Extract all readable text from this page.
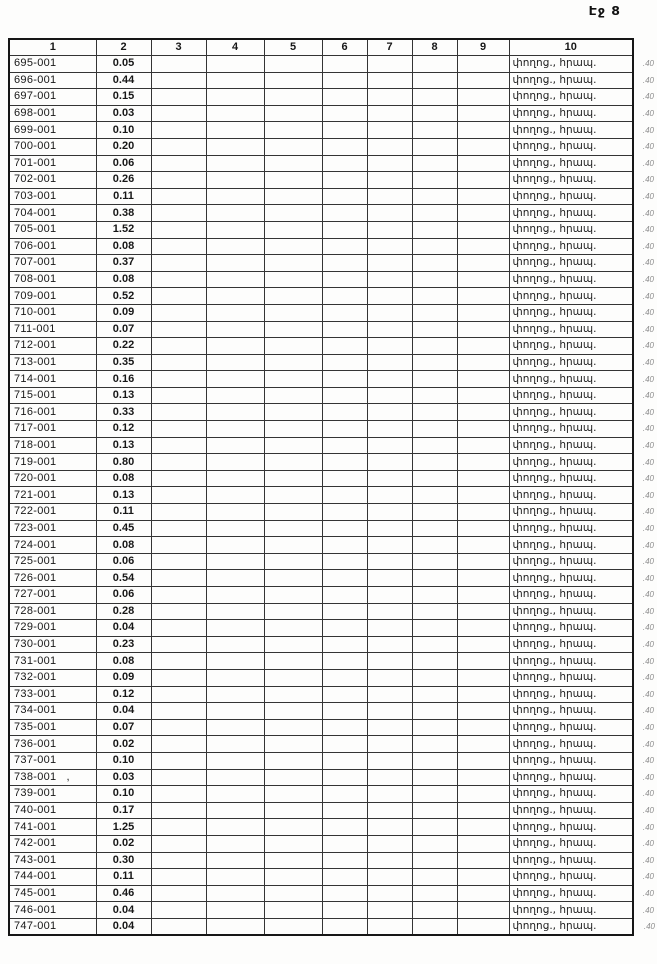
Էջ 8
1	2	3	4	5	6	7	8	9	10	
695-001	0.05								փողոց., հրապ.	.40
696-001	0.44								փողոց., հրապ.	.40
697-001	0.15								փողոց., հրապ.	.40
698-001	0.03								փողոց., հրապ.	.40
699-001	0.10								փողոց., հրապ.	.40
700-001	0.20								փողոց., հրապ.	.40
701-001	0.06								փողոց., հրապ.	.40
702-001	0.26								փողոց., հրապ.	.40
703-001	0.11								փողոց., հրապ.	.40
704-001	0.38								փողոց., հրապ.	.40
705-001	1.52								փողոց., հրապ.	.40
706-001	0.08								փողոց., հրապ.	.40
707-001	0.37								փողոց., հրապ.	.40
708-001	0.08								փողոց., հրապ.	.40
709-001	0.52								փողոց., հրապ.	.40
710-001	0.09								փողոց., հրապ.	.40
711-001	0.07								փողոց., հրապ.	.40
712-001	0.22								փողոց., հրապ.	.40
713-001	0.35								փողոց., հրապ.	.40
714-001	0.16								փողոց., հրապ.	.40
715-001	0.13								փողոց., հրապ.	.40
716-001	0.33								փողոց., հրապ.	.40
717-001	0.12								փողոց., հրապ.	.40
718-001	0.13								փողոց., հրապ.	.40
719-001	0.80								փողոց., հրապ.	.40
720-001	0.08								փողոց., հրապ.	.40
721-001	0.13								փողոց., հրապ.	.40
722-001	0.11								փողոց., հրապ.	.40
723-001	0.45								փողոց., հրապ.	.40
724-001	0.08								փողոց., հրապ.	.40
725-001	0.06								փողոց., հրապ.	.40
726-001	0.54								փողոց., հրապ.	.40
727-001	0.06								փողոց., հրապ.	.40
728-001	0.28								փողոց., հրապ.	.40
729-001	0.04								փողոց., հրապ.	.40
730-001	0.23								փողոց., հրապ.	.40
731-001	0.08								փողոց., հրապ.	.40
732-001	0.09								փողոց., հրապ.	.40
733-001	0.12								փողոց., հրապ.	.40
734-001	0.04								փողոց., հրապ.	.40
735-001	0.07								փողոց., հրապ.	.40
736-001	0.02								փողոց., հրապ.	.40
737-001	0.10								փողոց., հրապ.	.40
738-001   ,	0.03								փողոց., հրապ.	.40
739-001	0.10								փողոց., հրապ.	.40
740-001	0.17								փողոց., հրապ.	.40
741-001	1.25								փողոց., հրապ.	.40
742-001	0.02								փողոց., հրապ.	.40
743-001	0.30								փողոց., հրապ.	.40
744-001	0.11								փողոց., հրապ.	.40
745-001	0.46								փողոց., հրապ.	.40
746-001	0.04								փողոց., հրապ.	.40
747-001	0.04								փողոց., հրապ.	.40
